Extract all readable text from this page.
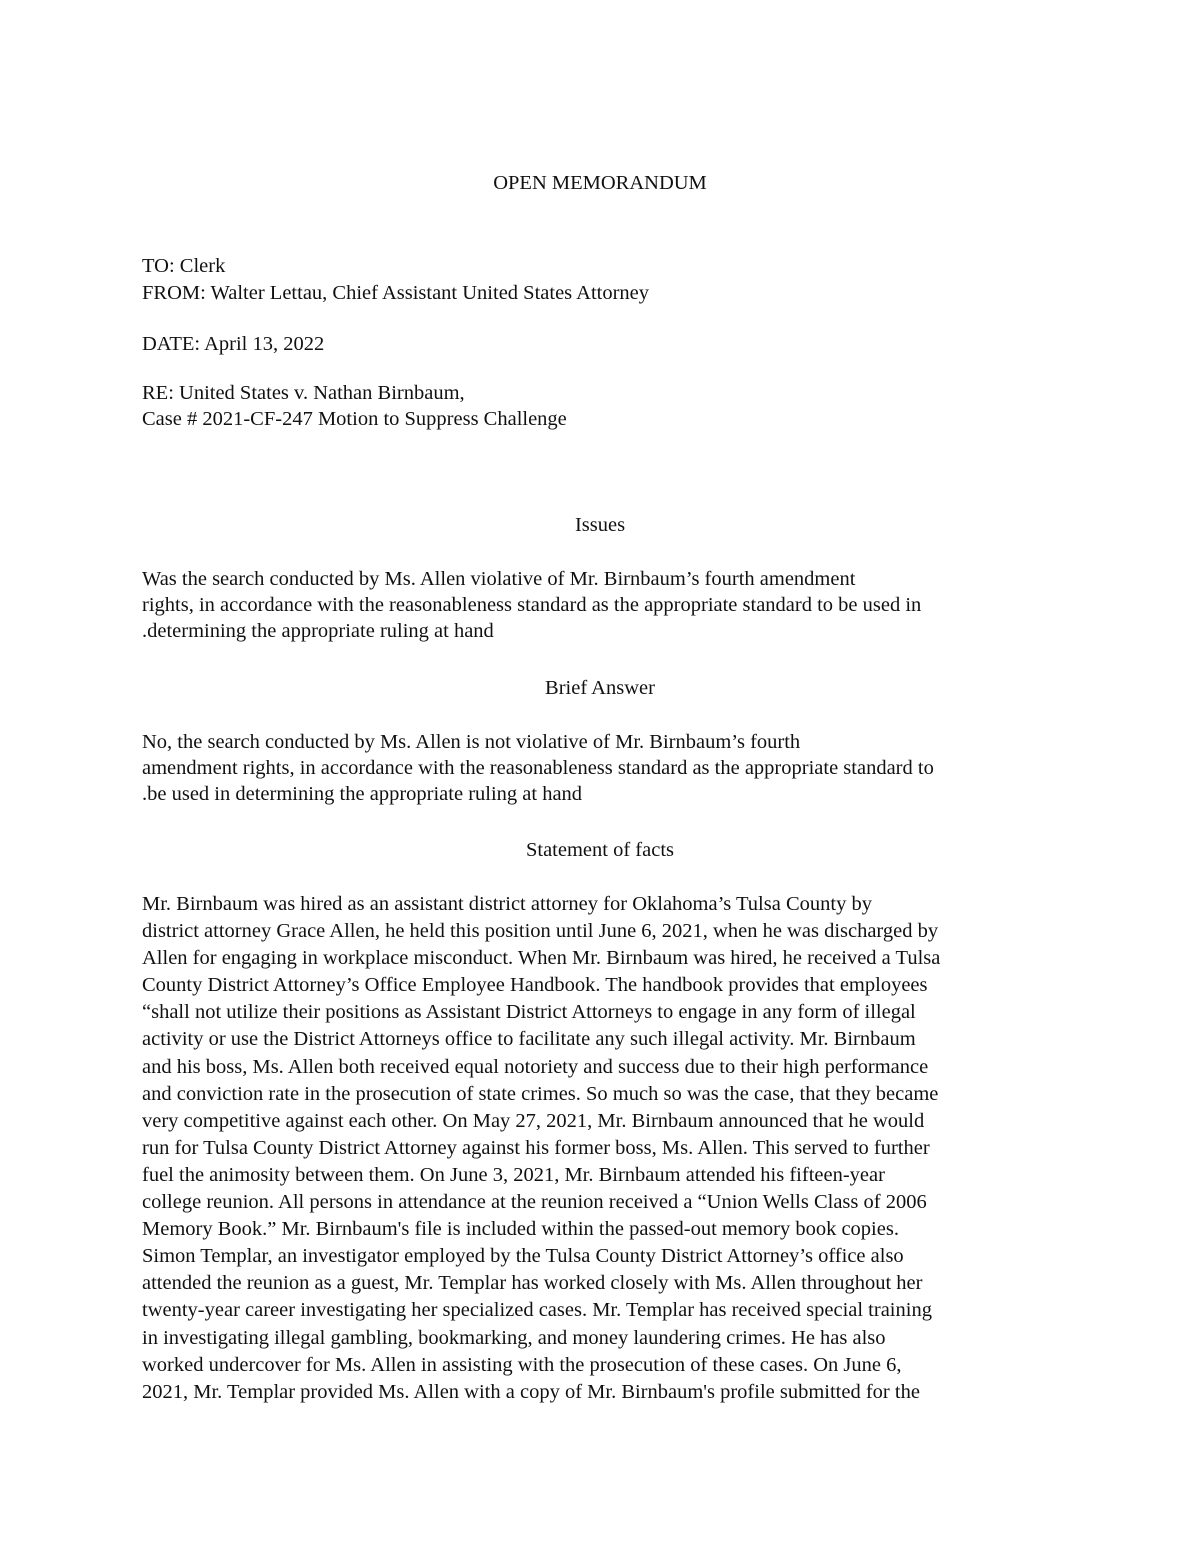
OPEN MEMORANDUM
TO: Clerk
FROM: Walter Lettau, Chief Assistant United States Attorney
DATE: April 13, 2022
RE: United States v. Nathan Birnbaum,
Case # 2021-CF-247 Motion to Suppress Challenge
Issues
Was the search conducted by Ms. Allen violative of Mr. Birnbaum’s fourth amendment
rights, in accordance with the reasonableness standard as the appropriate standard to be used in
.determining the appropriate ruling at hand
Brief Answer
No, the search conducted by Ms. Allen is not violative of Mr. Birnbaum’s fourth
amendment rights, in accordance with the reasonableness standard as the appropriate standard to
.be used in determining the appropriate ruling at hand
Statement of facts
Mr. Birnbaum was hired as an assistant district attorney for Oklahoma’s Tulsa County by
district attorney Grace Allen, he held this position until June 6, 2021, when he was discharged by
Allen for engaging in workplace misconduct. When Mr. Birnbaum was hired, he received a Tulsa
County District Attorney’s Office Employee Handbook. The handbook provides that employees
“shall not utilize their positions as Assistant District Attorneys to engage in any form of illegal
activity or use the District Attorneys office to facilitate any such illegal activity. Mr. Birnbaum
and his boss, Ms. Allen both received equal notoriety and success due to their high performance
and conviction rate in the prosecution of state crimes. So much so was the case, that they became
very competitive against each other. On May 27, 2021, Mr. Birnbaum announced that he would
run for Tulsa County District Attorney against his former boss, Ms. Allen. This served to further
fuel the animosity between them. On June 3, 2021, Mr. Birnbaum attended his fifteen-year
college reunion. All persons in attendance at the reunion received a “Union Wells Class of 2006
Memory Book.” Mr. Birnbaum's file is included within the passed-out memory book copies.
Simon Templar, an investigator employed by the Tulsa County District Attorney’s office also
attended the reunion as a guest, Mr. Templar has worked closely with Ms. Allen throughout her
twenty-year career investigating her specialized cases. Mr. Templar has received special training
in investigating illegal gambling, bookmarking, and money laundering crimes. He has also
worked undercover for Ms. Allen in assisting with the prosecution of these cases. On June 6,
2021, Mr. Templar provided Ms. Allen with a copy of Mr. Birnbaum's profile submitted for the
